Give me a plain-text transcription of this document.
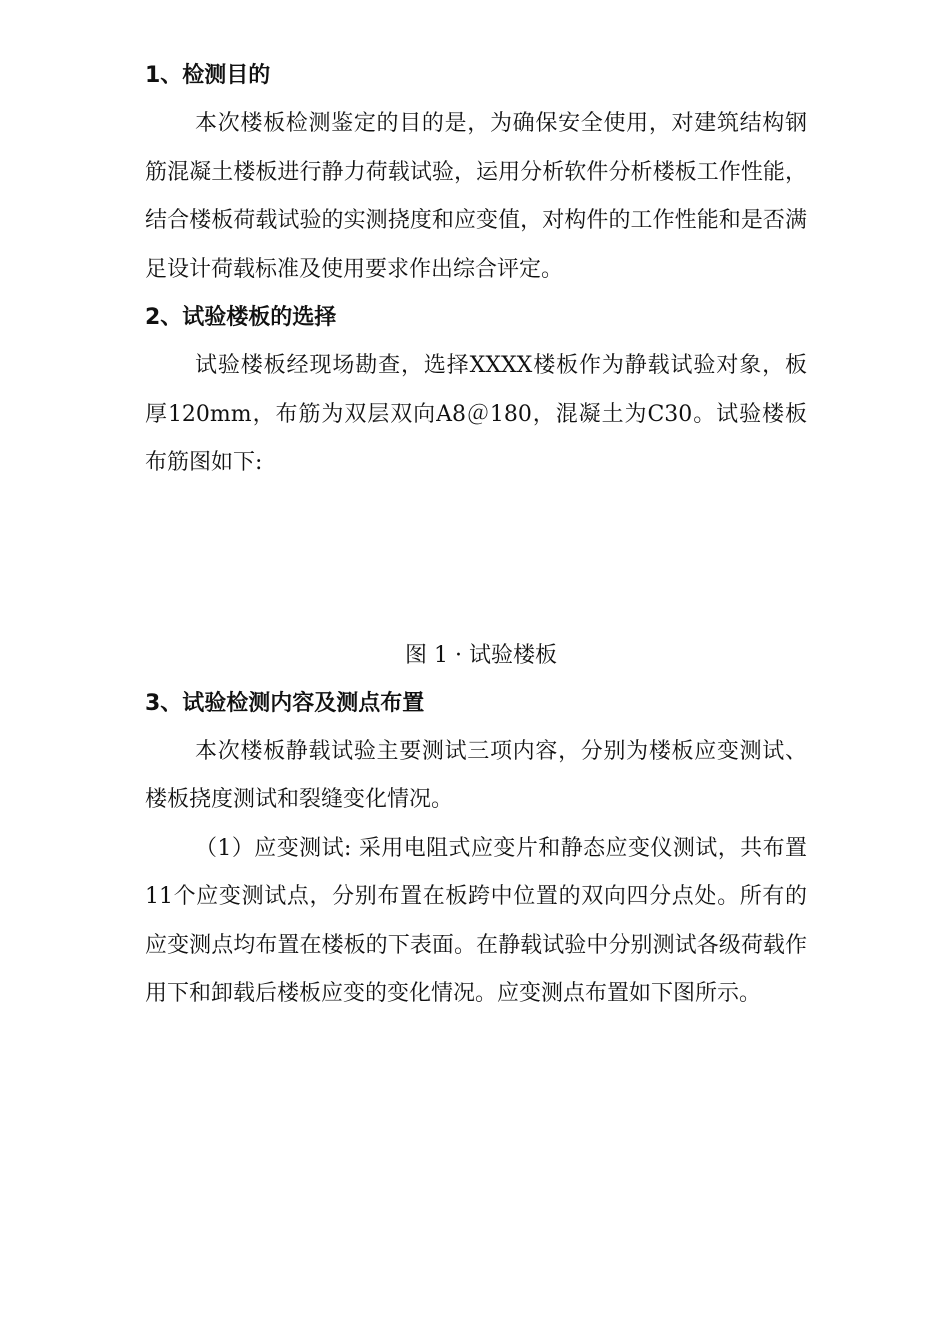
1、检测目的

本次楼板检测鉴定的目的是，为确保安全使用，对建筑结构钢筋混凝土楼板进行静力荷载试验，运用分析软件分析楼板工作性能，结合楼板荷载试验的实测挠度和应变值，对构件的工作性能和是否满足设计荷载标准及使用要求作出综合评定。

2、试验楼板的选择

试验楼板经现场勘查，选择XXXX楼板作为静载试验对象，板厚120mm，布筋为双层双向A8＠180，混凝土为C30。试验楼板布筋图如下:

图 1 · 试验楼板

3、试验检测内容及测点布置

本次楼板静载试验主要测试三项内容，分别为楼板应变测试、楼板挠度测试和裂缝变化情况。

（1）应变测试: 采用电阻式应变片和静态应变仪测试，共布置11个应变测试点，分别布置在板跨中位置的双向四分点处。所有的应变测点均布置在楼板的下表面。在静载试验中分别测试各级荷载作用下和卸载后楼板应变的变化情况。应变测点布置如下图所示。
